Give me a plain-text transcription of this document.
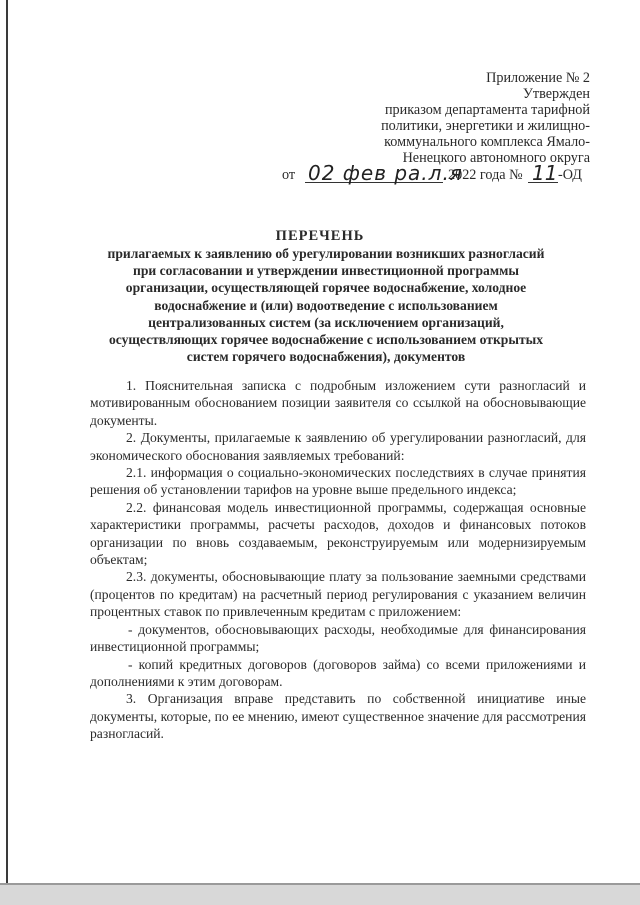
Приложение № 2
Утвержден
приказом департамента тарифной
политики, энергетики и жилищно-
коммунального комплекса Ямало-
Ненецкого автономного округа
от 02 фев ра.л.я
2022 года № 11 -ОД
ПЕРЕЧЕНЬ
прилагаемых к заявлению об урегулировании возникших разногласий
при согласовании и утверждении инвестиционной программы
организации, осуществляющей горячее водоснабжение, холодное
водоснабжение и (или) водоотведение с использованием
централизованных систем (за исключением организаций,
осуществляющих горячее водоснабжение с использованием открытых
систем горячего водоснабжения), документов
1. Пояснительная записка с подробным изложением сути разногласий и мотивированным обоснованием позиции заявителя со ссылкой на обосновывающие документы.
2. Документы, прилагаемые к заявлению об урегулировании разногласий, для экономического обоснования заявляемых требований:
2.1. информация о социально-экономических последствиях в случае принятия решения об установлении тарифов на уровне выше предельного индекса;
2.2. финансовая модель инвестиционной программы, содержащая основные характеристики программы, расчеты расходов, доходов и финансовых потоков организации по вновь создаваемым, реконструируемым или модернизируемым объектам;
2.3. документы, обосновывающие плату за пользование заемными средствами (процентов по кредитам) на расчетный период регулирования с указанием величин процентных ставок по привлеченным кредитам с приложением:
- документов, обосновывающих расходы, необходимые для финансирования инвестиционной программы;
- копий кредитных договоров (договоров займа) со всеми приложениями и дополнениями к этим договорам.
3. Организация вправе представить по собственной инициативе иные документы, которые, по ее мнению, имеют существенное значение для рассмотрения разногласий.
